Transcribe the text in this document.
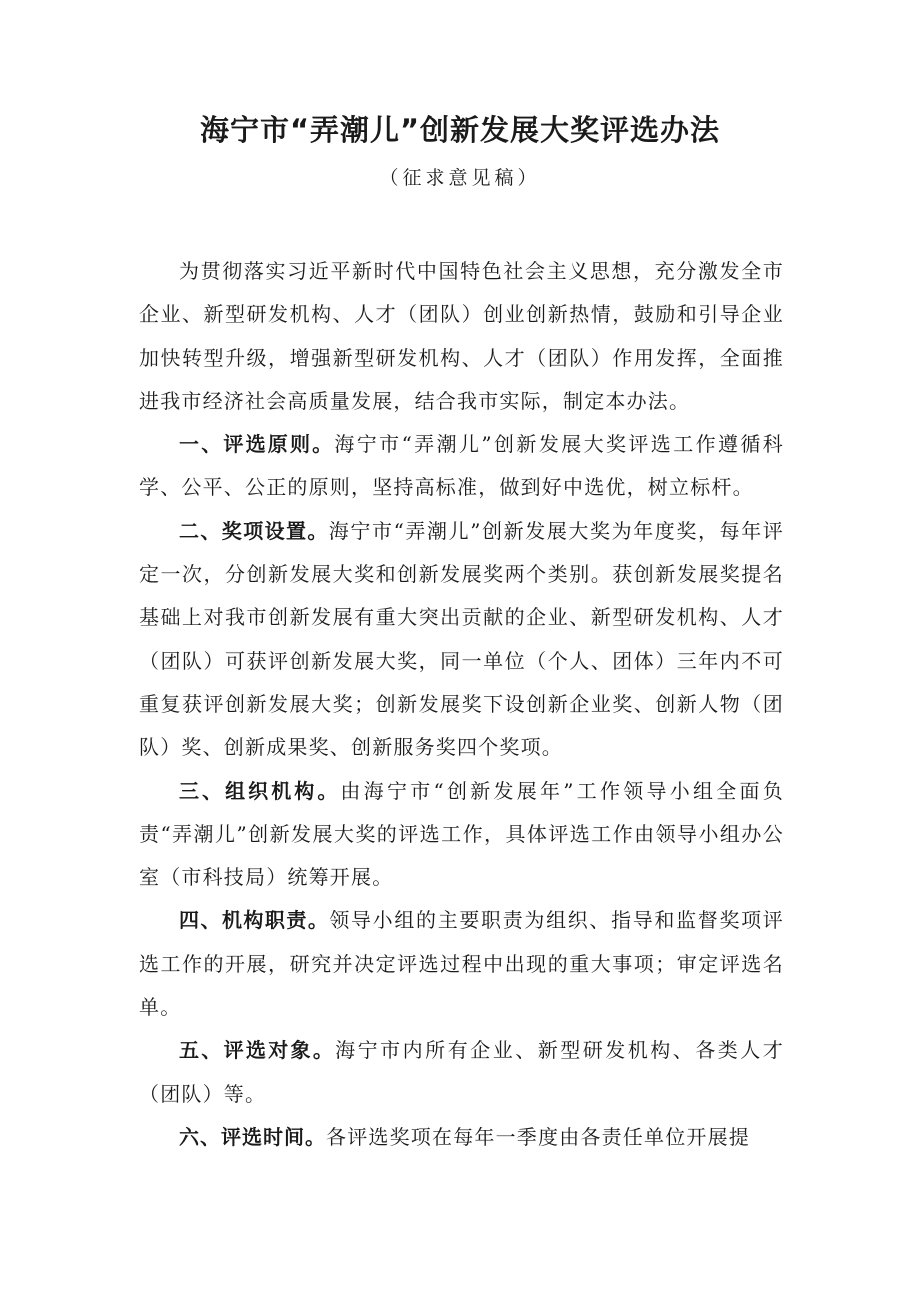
海宁市“弄潮儿”创新发展大奖评选办法

（征求意见稿）

为贯彻落实习近平新时代中国特色社会主义思想，充分激发全市企业、新型研发机构、人才（团队）创业创新热情，鼓励和引导企业加快转型升级，增强新型研发机构、人才（团队）作用发挥，全面推进我市经济社会高质量发展，结合我市实际，制定本办法。

一、评选原则。海宁市“弄潮儿”创新发展大奖评选工作遵循科学、公平、公正的原则，坚持高标准，做到好中选优，树立标杆。

二、奖项设置。海宁市“弄潮儿”创新发展大奖为年度奖，每年评定一次，分创新发展大奖和创新发展奖两个类别。获创新发展奖提名基础上对我市创新发展有重大突出贡献的企业、新型研发机构、人才（团队）可获评创新发展大奖，同一单位（个人、团体）三年内不可重复获评创新发展大奖；创新发展奖下设创新企业奖、创新人物（团队）奖、创新成果奖、创新服务奖四个奖项。

三、组织机构。由海宁市“创新发展年”工作领导小组全面负责“弄潮儿”创新发展大奖的评选工作，具体评选工作由领导小组办公室（市科技局）统筹开展。

四、机构职责。领导小组的主要职责为组织、指导和监督奖项评选工作的开展，研究并决定评选过程中出现的重大事项；审定评选名单。

五、评选对象。海宁市内所有企业、新型研发机构、各类人才（团队）等。

六、评选时间。各评选奖项在每年一季度由各责任单位开展提
